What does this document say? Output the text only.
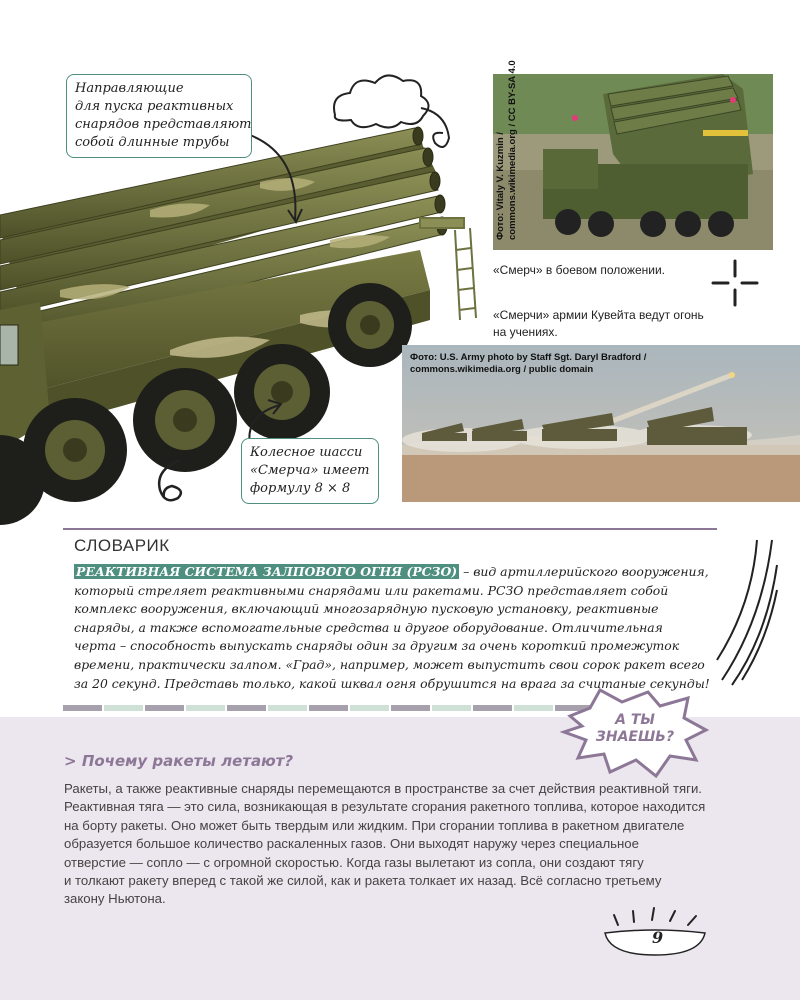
Направляющие
для пуска реактивных
снарядов представляют
собой длинные трубы
Колесное шасси
«Смерча» имеет
формулу 8 × 8
Фото: Vitaly V. Kuzmin / commons.wikimedia.org / CC BY-SA 4.0
«Смерч» в боевом положении.
«Смерчи» армии Кувейта ведут огонь
на учениях.
Фото: U.S. Army photo by Staff Sgt. Daryl Bradford /
commons.wikimedia.org / public domain
СЛОВАРИК
РЕАКТИВНАЯ СИСТЕМА ЗАЛПОВОГО ОГНЯ (РСЗО) – вид артиллерийского вооружения,
который стреляет реактивными снарядами или ракетами. РСЗО представляет собой
комплекс вооружения, включающий многозарядную пусковую установку, реактивные
снаряды, а также вспомогательные средства и другое оборудование. Отличительная
черта – способность выпускать снаряды один за другим за очень короткий промежуток
времени, практически залпом. «Град», например, может выпустить свои сорок ракет всего
за 20 секунд. Представь только, какой шквал огня обрушится на врага за считаные секунды!
А ТЫ
ЗНАЕШЬ?
> Почему ракеты летают?
Ракеты, а также реактивные снаряды перемещаются в пространстве за счет действия реактивной тяги.
Реактивная тяга — это сила, возникающая в результате сгорания ракетного топлива, которое находится
на борту ракеты. Оно может быть твердым или жидким. При сгорании топлива в ракетном двигателе
образуется большое количество раскаленных газов. Они выходят наружу через специальное
отверстие — сопло — с огромной скоростью. Когда газы вылетают из сопла, они создают тягу
и толкают ракету вперед с такой же силой, как и ракета толкает их назад. Всё согласно третьему
закону Ньютона.
9
